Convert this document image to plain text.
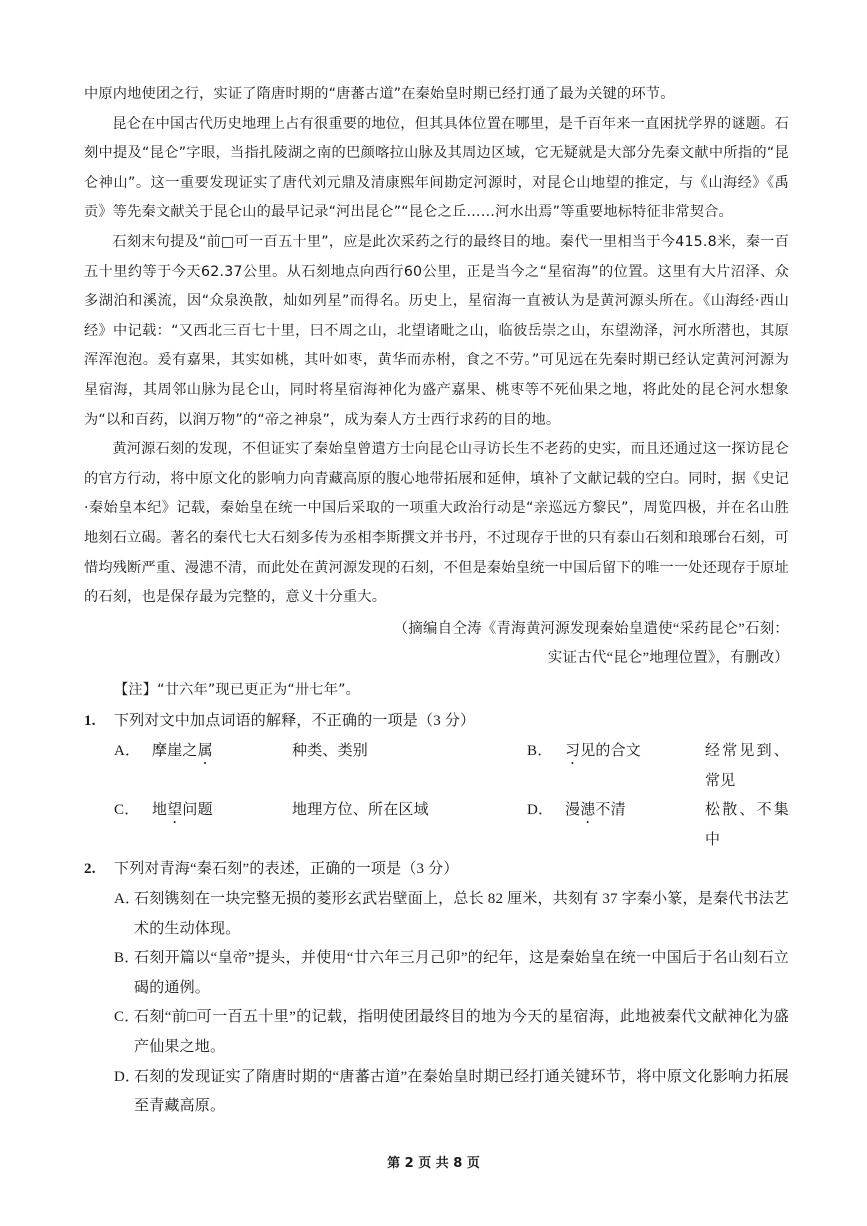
中原内地使团之行，实证了隋唐时期的“唐蕃古道”在秦始皇时期已经打通了最为关键的环节。

昆仑在中国古代历史地理上占有很重要的地位，但其具体位置在哪里，是千百年来一直困扰学界的谜题。石刻中提及“昆仑”字眼，当指扎陵湖之南的巴颜喀拉山脉及其周边区域，它无疑就是大部分先秦文献中所指的“昆仑神山”。这一重要发现证实了唐代刘元鼎及清康熙年间勘定河源时，对昆仑山地望的推定，与《山海经》《禹贡》等先秦文献关于昆仑山的最早记录“河出昆仑”“昆仑之丘……河水出焉”等重要地标特征非常契合。

石刻末句提及“前□可一百五十里”，应是此次采药之行的最终目的地。秦代一里相当于今415.8米，秦一百五十里约等于今天62.37公里。从石刻地点向西行60公里，正是当今之“星宿海”的位置。这里有大片沼泽、众多湖泊和溪流，因“众泉涣散，灿如列星”而得名。历史上，星宿海一直被认为是黄河源头所在。《山海经·西山经》中记载：“又西北三百七十里，曰不周之山，北望诸毗之山，临彼岳崇之山，东望泑泽，河水所潜也，其原浑浑泡泡。爰有嘉果，其实如桃，其叶如枣，黄华而赤柎，食之不劳。”可见远在先秦时期已经认定黄河河源为星宿海，其周邻山脉为昆仑山，同时将星宿海神化为盛产嘉果、桃枣等不死仙果之地，将此处的昆仑河水想象为“以和百药，以润万物”的“帝之神泉”，成为秦人方士西行求药的目的地。

黄河源石刻的发现，不但证实了秦始皇曾遣方士向昆仑山寻访长生不老药的史实，而且还通过这一探访昆仑的官方行动，将中原文化的影响力向青藏高原的腹心地带拓展和延伸，填补了文献记载的空白。同时，据《史记·秦始皇本纪》记载，秦始皇在统一中国后采取的一项重大政治行动是“亲巡远方黎民”，周览四极，并在名山胜地刻石立碣。著名的秦代七大石刻多传为丞相李斯撰文并书丹，不过现存于世的只有泰山石刻和琅琊台石刻，可惜均残断严重、漫漶不清，而此处在黄河源发现的石刻，不但是秦始皇统一中国后留下的唯一一处还现存于原址的石刻，也是保存最为完整的，意义十分重大。

（摘编自仝涛《青海黄河源发现秦始皇遣使“采药昆仑”石刻：
实证古代“昆仑”地理位置》，有删改）
【注】“廿六年”现已更正为“卅七年”。
1.	下列对文中加点词语的解释，不正确的一项是（3 分）
A． 摩崖之属	种类、类别	B． 习见的合文	经常见到、常见
C． 地望问题	地理方位、所在区域	D． 漫漶不清	松散、不集中
2.	下列对青海“秦石刻”的表述，正确的一项是（3 分）
A．
石刻镌刻在一块完整无损的菱形玄武岩壁面上，总长 82 厘米，共刻有 37 字秦小篆，是秦代书法艺术的生动体现。
B．
石刻开篇以“皇帝”提头，并使用“廿六年三月己卯”的纪年，这是秦始皇在统一中国后于名山刻石立碣的通例。
C．
石刻“前□可一百五十里”的记载，指明使团最终目的地为今天的星宿海，此地被秦代文献神化为盛产仙果之地。
D．
石刻的发现证实了隋唐时期的“唐蕃古道”在秦始皇时期已经打通关键环节，将中原文化影响力拓展至青藏高原。
第 2 页 共 8 页
